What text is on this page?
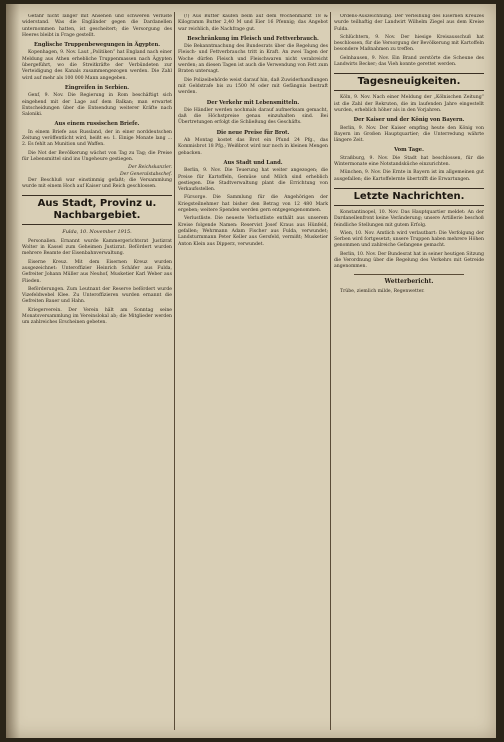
Gefahr nicht länger mit Ansehen und schweren Verluste widerstand. Was die Engländer gegen die Dardanellen unternommen hatten, ist gescheitert; die Versorgung des Heeres bleibt in Frage gestellt.

Englische Truppenbewegungen in Ägypten.

Kopenhagen, 9. Nov. Laut „Politiken“ hat England nach einer Meldung aus Athen erhebliche Truppenmassen nach Ägypten übergeführt, wo die Streitkräfte der Verbündeten zur Verteidigung des Kanals zusammengezogen werden. Die Zahl wird auf mehr als 100 000 Mann angegeben.

Eingreifen in Serbien.

Genf, 9. Nov. Die Regierung in Rom beschäftigt sich eingehend mit der Lage auf dem Balkan; man erwartet Entscheidungen über die Entsendung weiterer Kräfte nach Saloniki.

Aus einem russischen Briefe.

In einem Briefe aus Russland, der in einer norddeutschen Zeitung veröffentlicht wird, heißt es: 1. Einige Monate lang ... 2. Es fehlt an Munition und Waffen.

Die Not der Bevölkerung wächst von Tag zu Tag; die Preise für Lebensmittel sind ins Ungeheure gestiegen.

Der Reichskanzler.
Der Generalstabschef.

Der Beschluß war einstimmig gefaßt; die Versammlung wurde mit einem Hoch auf Kaiser und Reich geschlossen.

Aus Stadt, Provinz u. Nachbargebiet.
Fulda, 10. November 1915.

Personalien. Ernannt wurde Kammergerichtsrat Justizrat Wolter in Kassel zum Geheimen Justizrat. Befördert wurden mehrere Beamte der Eisenbahnverwaltung.

Eiserne Kreuz. Mit dem Eisernen Kreuz wurden ausgezeichnet: Unteroffizier Heinrich Schäfer aus Fulda, Gefreiter Johann Müller aus Neuhof, Musketier Karl Weber aus Flieden.

Beförderungen. Zum Leutnant der Reserve befördert wurde Vizefeldwebel Klee. Zu Unteroffizieren wurden ernannt die Gefreiten Bauer und Hahn.

Kriegerverein. Der Verein hält am Sonntag seine Monatsversammlung im Vereinslokal ab; die Mitglieder werden um zahlreiches Erscheinen gebeten.

(!) Aus Butter kaufen beim auf dem Wochenmarkt 18 & Kilogramm Butter 2,40 M und Eier 16 Pfennig; das Angebot war reichlich, die Nachfrage gut.

Beschränkung im Fleisch und Fettverbrauch.

Die Bekanntmachung des Bundesrats über die Regelung des Fleisch- und Fettverbrauchs tritt in Kraft. An zwei Tagen der Woche dürfen Fleisch und Fleischwaren nicht verabreicht werden; an diesen Tagen ist auch die Verwendung von Fett zum Braten untersagt.

Die Polizeibehörde weist darauf hin, daß Zuwiderhandlungen mit Geldstrafe bis zu 1500 M oder mit Gefängnis bestraft werden.

Der Verkehr mit Lebensmitteln.

Die Händler werden nochmals darauf aufmerksam gemacht, daß die Höchstpreise genau einzuhalten sind. Bei Übertretungen erfolgt die Schließung des Geschäfts.

Die neue Preise für Brot.

Ab Montag kostet das Brot ein Pfund 24 Pfg., das Kommisbrot 18 Pfg.; Weißbrot wird nur noch in kleinen Mengen gebacken.

Aus Stadt und Land.

Berlin, 9. Nov. Die Teuerung hat weiter angezogen; die Preise für Kartoffeln, Gemüse und Milch sind erheblich gestiegen. Die Stadtverwaltung plant die Errichtung von Verkaufsstellen.

Fürsorge. Die Sammlung für die Angehörigen der Kriegsteilnehmer hat bisher den Betrag von 12 480 Mark ergeben; weitere Spenden werden gern entgegengenommen.

Verlustliste. Die neueste Verlustliste enthält aus unserem Kreise folgende Namen: Reservist Josef Kraus aus Hünfeld, gefallen; Wehrmann Adam Fischer aus Fulda, verwundet; Landsturmmann Peter Keller aus Gersfeld, vermißt; Musketier Anton Klein aus Dipperz, verwundet.

Ordens-Auszeichnung. Der Verleihung des Eisernen Kreuzes wurde teilhaftig der Landwirt Wilhelm Ziegel aus dem Kreise Fulda.

Schlüchtern, 9. Nov. Der hiesige Kreisausschuß hat beschlossen, für die Versorgung der Bevölkerung mit Kartoffeln besondere Maßnahmen zu treffen.

Gelnhausen, 9. Nov. Ein Brand zerstörte die Scheune des Landwirts Becker; das Vieh konnte gerettet werden.

Tagesneuigkeiten.

Köln, 9. Nov. Nach einer Meldung der „Kölnischen Zeitung“ ist die Zahl der Rekruten, die im laufenden Jahre eingestellt wurden, erheblich höher als in den Vorjahren.

Der Kaiser und der König von Bayern.

Berlin, 9. Nov. Der Kaiser empfing heute den König von Bayern im Großen Hauptquartier; die Unterredung währte längere Zeit.

Vom Tage.

Straßburg, 9. Nov. Die Stadt hat beschlossen, für die Wintermonate eine Notstandsküche einzurichten.

München, 9. Nov. Die Ernte in Bayern ist im allgemeinen gut ausgefallen; die Kartoffelernte übertrifft die Erwartungen.

Letzte Nachrichten.

Konstantinopel, 10. Nov. Das Hauptquartier meldet: An der Dardanellenfront keine Veränderung; unsere Artillerie beschoß feindliche Stellungen mit gutem Erfolg.

Wien, 10. Nov. Amtlich wird verlautbart: Die Verfolgung der Serben wird fortgesetzt; unsere Truppen haben mehrere Höhen genommen und zahlreiche Gefangene gemacht.

Berlin, 10. Nov. Der Bundesrat hat in seiner heutigen Sitzung die Verordnung über die Regelung des Verkehrs mit Getreide angenommen.

Wetterbericht.

Trübe, ziemlich milde, Regenwetter.
